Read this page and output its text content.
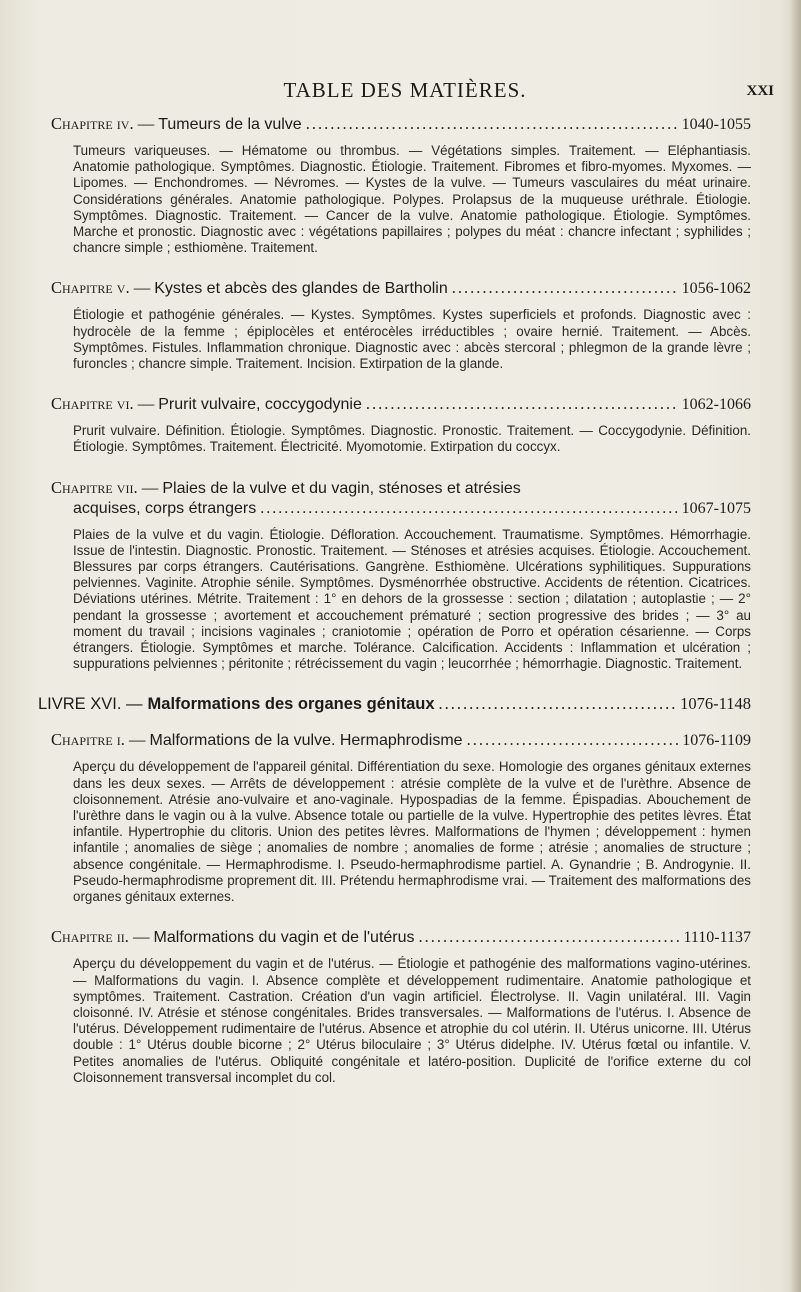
TABLE DES MATIÈRES.	XXI
Chapitre iv. — Tumeurs de la vulve .....	1040-1055

Tumeurs variqueuses. — Hématome ou thrombus. — Végétations simples. Traitement. — Eléphantiasis. Anatomie pathologique. Symptômes. Diagnostic. Étiologie. Traitement. Fibromes et fibro-myomes. Myxomes. — Lipomes. — Enchondromes. — Névromes. — Kystes de la vulve. — Tumeurs vasculaires du méat urinaire. Considérations générales. Anatomie pathologique. Polypes. Prolapsus de la muqueuse uréthrale. Étiologie. Symptômes. Diagnostic. Traitement. — Cancer de la vulve. Anatomie pathologique. Étiologie. Symptômes. Marche et pronostic. Diagnostic avec : végétations papillaires ; polypes du méat : chancre infectant ; syphilides ; chancre simple ; esthiomène. Traitement.

Chapitre v. — Kystes et abcès des glandes de Bartholin .....	1056-1062

Étiologie et pathogénie générales. — Kystes. Symptômes. Kystes superficiels et profonds. Diagnostic avec : hydrocèle de la femme ; épiplocèles et entérocèles irréductibles ; ovaire hernié. Traitement. — Abcès. Symptômes. Fistules. Inflammation chronique. Diagnostic avec : abcès stercoral ; phlegmon de la grande lèvre ; furoncles ; chancre simple. Traitement. Incision. Extirpation de la glande.

Chapitre vi. — Prurit vulvaire, coccygodynie .....	1062-1066

Prurit vulvaire. Définition. Étiologie. Symptômes. Diagnostic. Pronostic. Traitement. — Coccygodynie. Définition. Étiologie. Symptômes. Traitement. Électricité. Myomotomie. Extirpation du coccyx.

Chapitre vii. — Plaies de la vulve et du vagin, sténoses et atrésies
acquises, corps étrangers .....	1067-1075

Plaies de la vulve et du vagin. Étiologie. Défloration. Accouchement. Traumatisme. Symptômes. Hémorrhagie. Issue de l'intestin. Diagnostic. Pronostic. Traitement. — Sténoses et atrésies acquises. Étiologie. Accouchement. Blessures par corps étrangers. Cautérisations. Gangrène. Esthiomène. Ulcérations syphilitiques. Suppurations pelviennes. Vaginite. Atrophie sénile. Symptômes. Dysménorrhée obstructive. Accidents de rétention. Cicatrices. Déviations utérines. Métrite. Traitement : 1° en dehors de la grossesse : section ; dilatation ; autoplastie ; — 2° pendant la grossesse ; avortement et accouchement prématuré ; section progressive des brides ; — 3° au moment du travail ; incisions vaginales ; craniotomie ; opération de Porro et opération césarienne. — Corps étrangers. Étiologie. Symptômes et marche. Tolérance. Calcification. Accidents : Inflammation et ulcération ; suppurations pelviennes ; péritonite ; rétrécissement du vagin ; leucorrhée ; hémorrhagie. Diagnostic. Traitement.

LIVRE XVI. — Malformations des organes génitaux .....	1076-1148
Chapitre i. — Malformations de la vulve. Hermaphrodisme .....	1076-1109

Aperçu du développement de l'appareil génital. Différentiation du sexe. Homologie des organes génitaux externes dans les deux sexes. — Arrêts de développement : atrésie complète de la vulve et de l'urèthre. Absence de cloisonnement. Atrésie ano-vulvaire et ano-vaginale. Hypospadias de la femme. Épispadias. Abouchement de l'urèthre dans le vagin ou à la vulve. Absence totale ou partielle de la vulve. Hypertrophie des petites lèvres. État infantile. Hypertrophie du clitoris. Union des petites lèvres. Malformations de l'hymen ; développement : hymen infantile ; anomalies de siège ; anomalies de nombre ; anomalies de forme ; atrésie ; anomalies de structure ; absence congénitale. — Hermaphrodisme. I. Pseudo-hermaphrodisme partiel. A. Gynandrie ; B. Androgynie. II. Pseudo-hermaphrodisme proprement dit. III. Prétendu hermaphrodisme vrai. — Traitement des malformations des organes génitaux externes.

Chapitre ii. — Malformations du vagin et de l'utérus .....	1110-1137

Aperçu du développement du vagin et de l'utérus. — Étiologie et pathogénie des malformations vagino-utérines. — Malformations du vagin. I. Absence complète et développement rudimentaire. Anatomie pathologique et symptômes. Traitement. Castration. Création d'un vagin artificiel. Électrolyse. II. Vagin unilatéral. III. Vagin cloisonné. IV. Atrésie et sténose congénitales. Brides transversales. — Malformations de l'utérus. I. Absence de l'utérus. Développement rudimentaire de l'utérus. Absence et atrophie du col utérin. II. Utérus unicorne. III. Utérus double : 1° Utérus double bicorne ; 2° Utérus biloculaire ; 3° Utérus didelphe. IV. Utérus fœtal ou infantile. V. Petites anomalies de l'utérus. Obliquité congénitale et latéro-position. Duplicité de l'orifice externe du col Cloisonnement transversal incomplet du col.
